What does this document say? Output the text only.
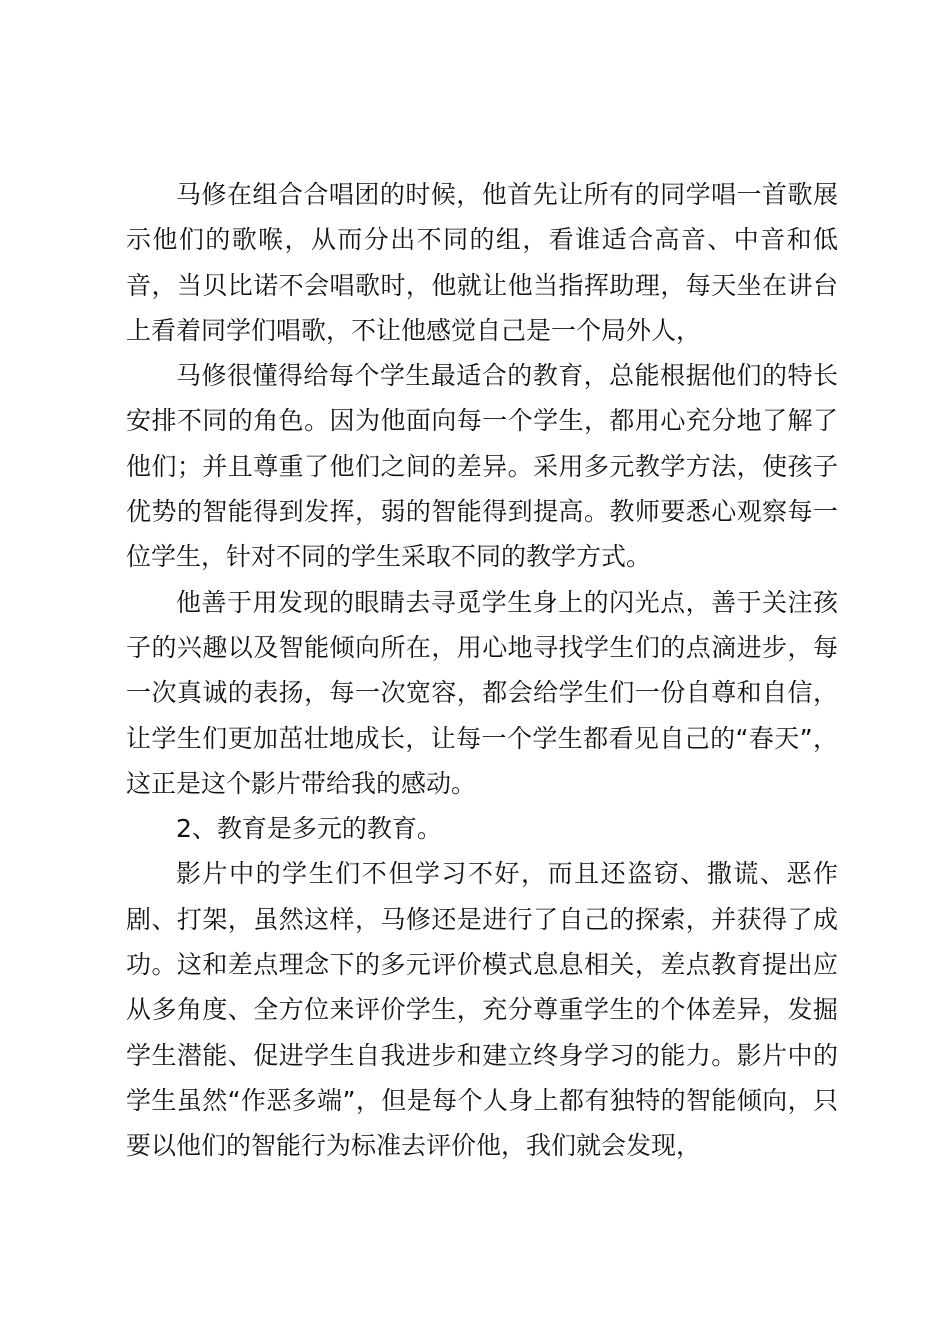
马修在组合合唱团的时候，他首先让所有的同学唱一首歌展示他们的歌喉，从而分出不同的组，看谁适合高音、中音和低音，当贝比诺不会唱歌时，他就让他当指挥助理，每天坐在讲台上看着同学们唱歌，不让他感觉自己是一个局外人，

马修很懂得给每个学生最适合的教育，总能根据他们的特长安排不同的角色。因为他面向每一个学生，都用心充分地了解了他们；并且尊重了他们之间的差异。采用多元教学方法，使孩子优势的智能得到发挥，弱的智能得到提高。教师要悉心观察每一位学生，针对不同的学生采取不同的教学方式。

他善于用发现的眼睛去寻觅学生身上的闪光点，善于关注孩子的兴趣以及智能倾向所在，用心地寻找学生们的点滴进步，每一次真诚的表扬，每一次宽容，都会给学生们一份自尊和自信，让学生们更加茁壮地成长，让每一个学生都看见自己的“春天”，这正是这个影片带给我的感动。

2、教育是多元的教育。

影片中的学生们不但学习不好，而且还盗窃、撒谎、恶作剧、打架，虽然这样，马修还是进行了自己的探索，并获得了成功。这和差点理念下的多元评价模式息息相关，差点教育提出应从多角度、全方位来评价学生，充分尊重学生的个体差异，发掘学生潜能、促进学生自我进步和建立终身学习的能力。影片中的学生虽然“作恶多端”，但是每个人身上都有独特的智能倾向，只要以他们的智能行为标准去评价他，我们就会发现，
